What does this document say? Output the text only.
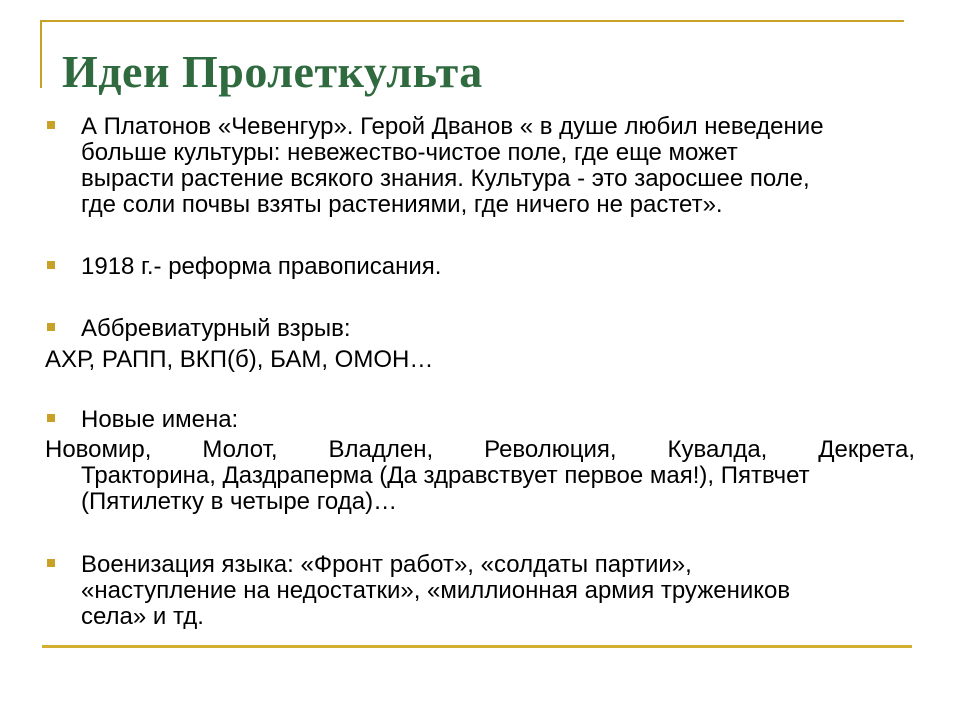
Идеи Пролеткульта

А Платонов «Чевенгур». Герой Дванов « в душе любил неведение

больше культуры: невежество-чистое поле, где еще может

вырасти растение всякого знания. Культура - это заросшее поле,

где соли почвы взяты растениями, где ничего не растет».

1918 г.- реформа правописания.

Аббревиатурный взрыв:

АХР, РАПП, ВКП(б), БАМ, ОМОН…

Новые имена:

Новомир, Молот, Владлен, Революция, Кувалда, Декрета,
Тракторина, Даздраперма (Да здравствует первое мая!), Пятвчет
(Пятилетку в четыре года)…

Военизация языка: «Фронт работ», «солдаты партии»,

«наступление на недостатки», «миллионная армия тружеников

села» и тд.
